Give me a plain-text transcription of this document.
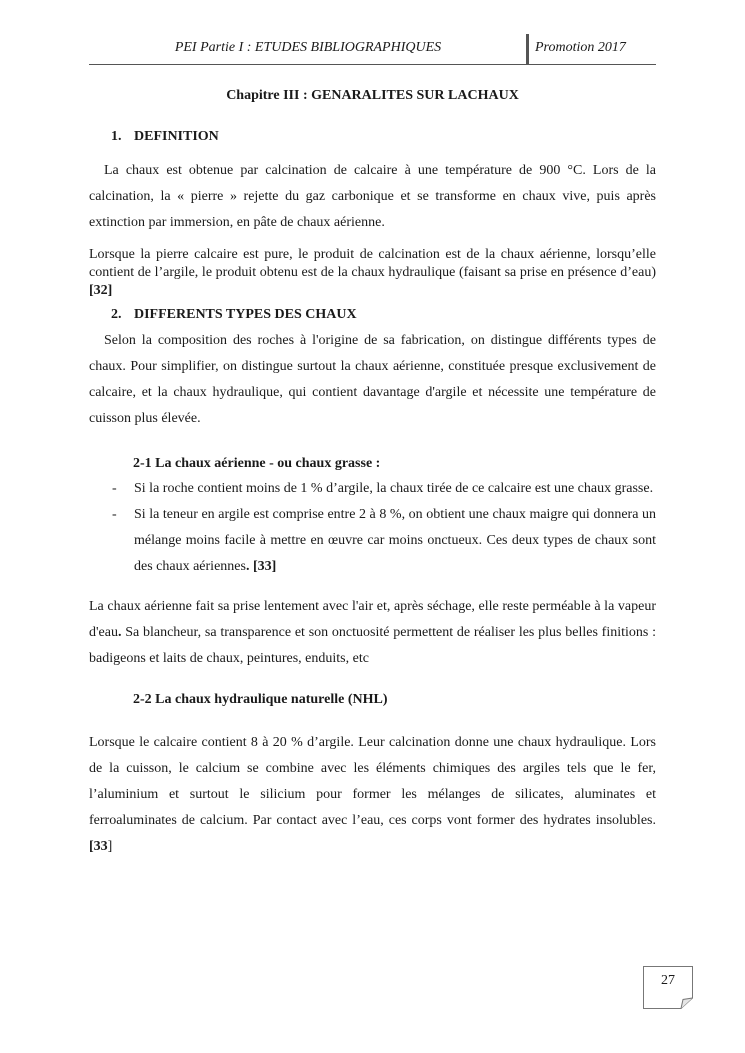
PEI Partie I : ETUDES BIBLIOGRAPHIQUES	Promotion 2017
Chapitre III : GENARALITES SUR LACHAUX
1. DEFINITION

La chaux est obtenue par calcination de calcaire à une température de 900 °C. Lors de la calcination, la « pierre » rejette du gaz carbonique et se transforme en chaux vive, puis après extinction par immersion, en pâte de chaux aérienne.

Lorsque la pierre calcaire est pure, le produit de calcination est de la chaux aérienne, lorsqu’elle contient de l’argile, le produit obtenu est de la chaux hydraulique (faisant sa prise en présence d’eau) [32]

2. DIFFERENTS TYPES DES CHAUX

Selon la composition des roches à l'origine de sa fabrication, on distingue différents types de chaux. Pour simplifier, on distingue surtout la chaux aérienne, constituée presque exclusivement de calcaire, et la chaux hydraulique, qui contient davantage d'argile et nécessite une température de cuisson plus élevée.

2-1 La chaux aérienne - ou chaux grasse :
- Si la roche contient moins de 1 % d’argile, la chaux tirée de ce calcaire est une chaux grasse.
- Si la teneur en argile est comprise entre 2 à 8 %, on obtient une chaux maigre qui donnera un mélange moins facile à mettre en œuvre car moins onctueux. Ces deux types de chaux sont des chaux aériennes. [33]

La chaux aérienne fait sa prise lentement avec l'air et, après séchage, elle reste perméable à la vapeur d'eau. Sa blancheur, sa transparence et son onctuosité permettent de réaliser les plus belles finitions : badigeons et laits de chaux, peintures, enduits, etc

2-2 La chaux hydraulique naturelle (NHL)

Lorsque le calcaire contient 8 à 20 % d’argile. Leur calcination donne une chaux hydraulique. Lors de la cuisson, le calcium se combine avec les éléments chimiques des argiles tels que le fer, l’aluminium et surtout le silicium pour former les mélanges de silicates, aluminates et ferroaluminates de calcium. Par contact avec l’eau, ces corps vont former des hydrates insolubles. [33]

27
